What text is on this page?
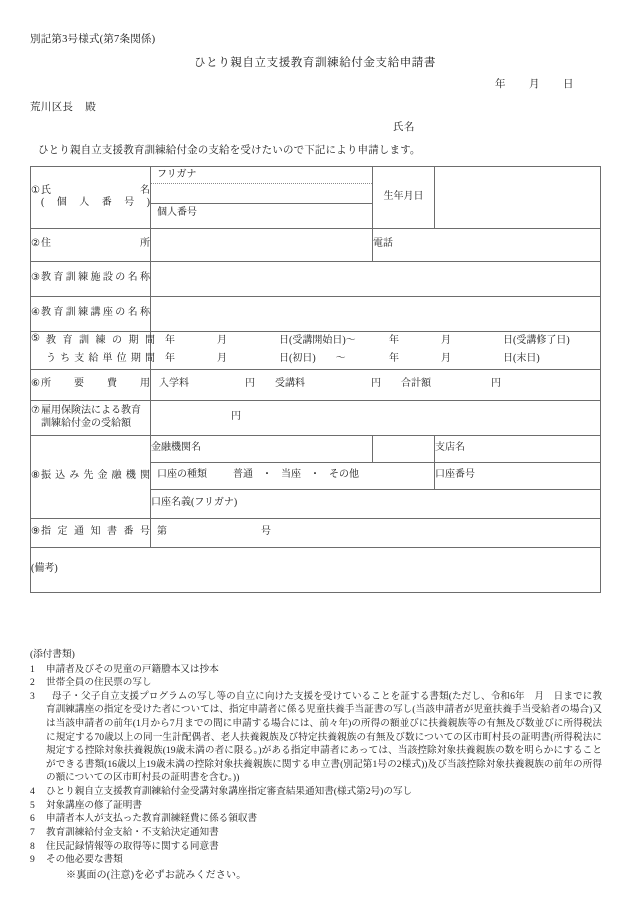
別記第3号様式(第7条関係)
ひとり親自立支援教育訓練給付金支給申請書
年 月 日
荒川区長 殿
氏名
ひとり親自立支援教育訓練給付金の支給を受けたいので下記により申請します。
① 氏	名
( 個 人 番 号 )

フリガナ
個人番号
	生年月日	

② 住 所		電話	

③ 教 育 訓 練 施 設 の 名 称

④ 教 育 訓 練 講 座 の 名 称

⑤ 教 育 訓 練 の 期 間
う ち 支 給 単 位 期 間

年	月	日(受講開始日)～	年	月	日(受講修了日)
年	月	日(初日)　　～	年	月	日(末日)

⑥ 所 要 費 用	入学料	円	受講料	円	合計額	円

⑦ 雇用保険法による教育
訓練給付金の受給額	円		

⑧ 振 込 み 先 金 融 機 関
	金融機関名		支店名

	口座の種類 普通 ・ 当座 ・ その他		口座番号
	口座名義(フリガナ)		

⑨ 指 定 通 知 書 番 号	第	号

(備考)			
(添付書類)
1	申請者及びその児童の戸籍謄本又は抄本
2	世帯全員の住民票の写し
3	母子・父子自立支援プログラムの写し等の自立に向けた支援を受けていることを証する書類(ただし、令和6年　月　日までに教育訓練講座の指定を受けた者については、指定申請者に係る児童扶養手当証書の写し(当該申請者が児童扶養手当受給者の場合)又は当該申請者の前年(1月から7月までの間に申請する場合には、前々年)の所得の額並びに扶養親族等の有無及び数並びに所得税法に規定する70歳以上の同一生計配偶者、老人扶養親族及び特定扶養親族の有無及び数についての区市町村長の証明書(所得税法に規定する控除対象扶養親族(19歳未満の者に限る。)がある指定申請者にあっては、当該控除対象扶養親族の数を明らかにすることができる書類(16歳以上19歳未満の控除対象扶養親族に関する申立書(別記第1号の2様式))及び当該控除対象扶養親族の前年の所得の額についての区市町村長の証明書を含む。))
4	ひとり親自立支援教育訓練給付金受講対象講座指定審査結果通知書(様式第2号)の写し
5	対象講座の修了証明書
6	申請者本人が支払った教育訓練経費に係る領収書
7	教育訓練給付金支給・不支給決定通知書
8	住民記録情報等の取得等に関する同意書
9	その他必要な書類
※裏面の(注意)を必ずお読みください。
